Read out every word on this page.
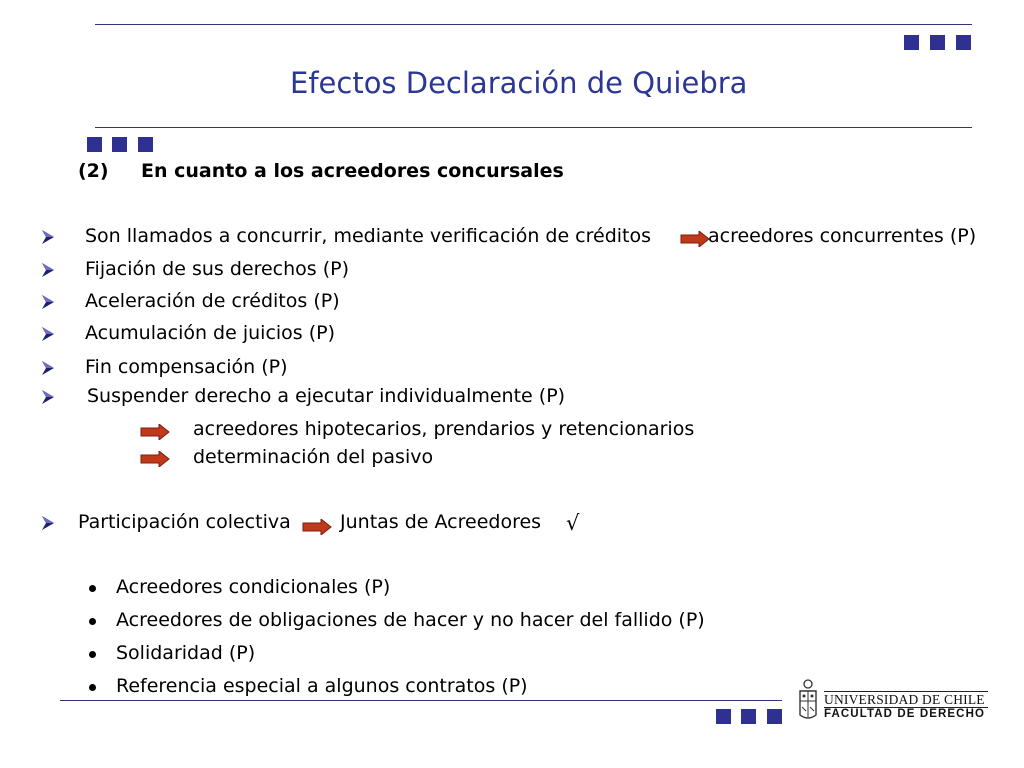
Efectos Declaración de Quiebra
(2) En cuanto a los acreedores concursales
Son llamados a concurrir, mediante verificación de créditos	acreedores concurrentes (P)
Fijación de sus derechos (P)
Aceleración de créditos (P)
Acumulación de juicios (P)
Fin compensación (P)
Suspender derecho a ejecutar individualmente (P)
acreedores hipotecarios, prendarios y retencionarios
determinación del pasivo
Participación colectiva	Juntas de Acreedores √
Acreedores condicionales (P)
Acreedores de obligaciones de hacer y no hacer del fallido (P)
Solidaridad (P)
Referencia especial a algunos contratos (P)
UNIVERSIDAD DE CHILE
FACULTAD DE DERECHO
